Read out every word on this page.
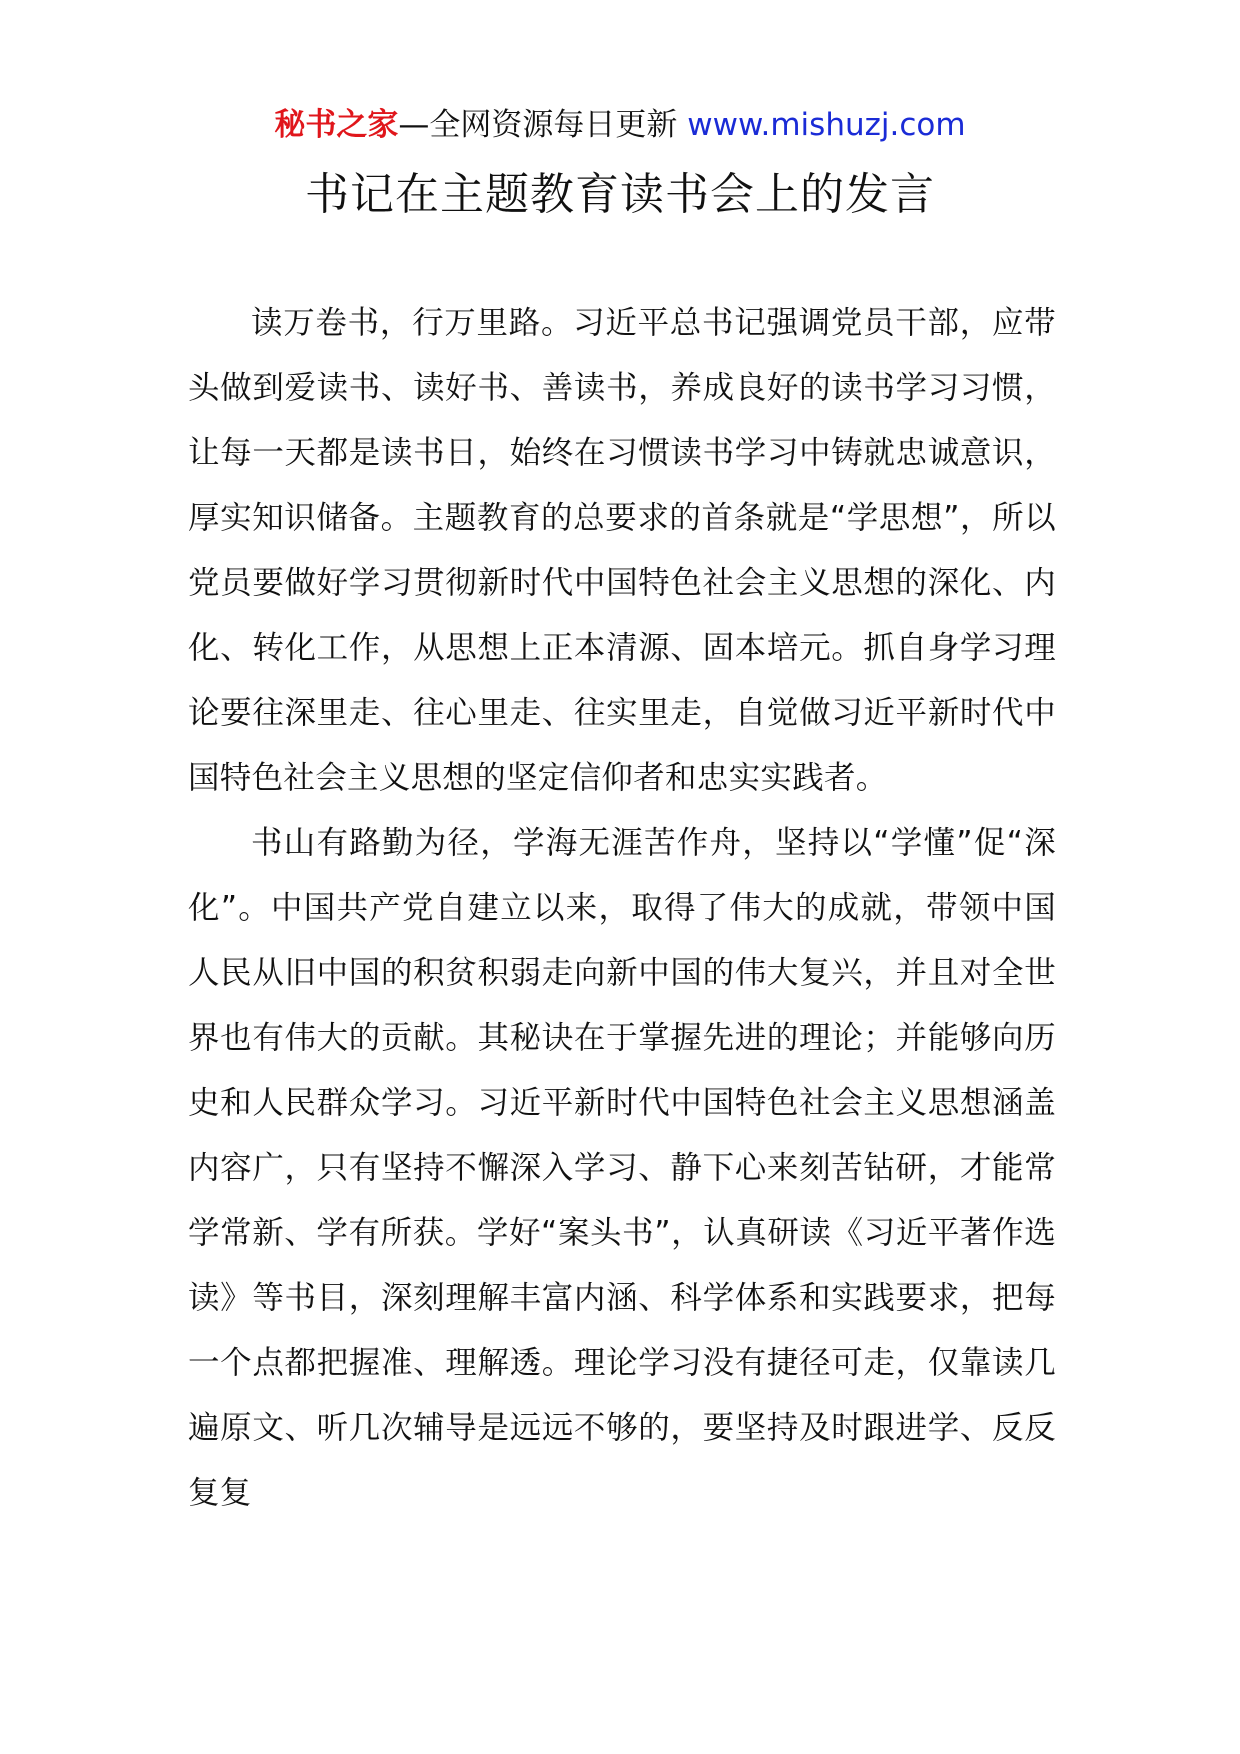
秘书之家—全网资源每日更新 www.mishuzj.com
书记在主题教育读书会上的发言

读万卷书，行万里路。习近平总书记强调党员干部，应带头做到爱读书、读好书、善读书，养成良好的读书学习习惯，让每一天都是读书日，始终在习惯读书学习中铸就忠诚意识，厚实知识储备。主题教育的总要求的首条就是“学思想”，所以党员要做好学习贯彻新时代中国特色社会主义思想的深化、内化、转化工作，从思想上正本清源、固本培元。抓自身学习理论要往深里走、往心里走、往实里走，自觉做习近平新时代中国特色社会主义思想的坚定信仰者和忠实实践者。

书山有路勤为径，学海无涯苦作舟，坚持以“学懂”促“深化”。中国共产党自建立以来，取得了伟大的成就，带领中国人民从旧中国的积贫积弱走向新中国的伟大复兴，并且对全世界也有伟大的贡献。其秘诀在于掌握先进的理论；并能够向历史和人民群众学习。习近平新时代中国特色社会主义思想涵盖内容广，只有坚持不懈深入学习、静下心来刻苦钻研，才能常学常新、学有所获。学好“案头书”，认真研读《习近平著作选读》等书目，深刻理解丰富内涵、科学体系和实践要求，把每一个点都把握准、理解透。理论学习没有捷径可走，仅靠读几遍原文、听几次辅导是远远不够的，要坚持及时跟进学、反反复复
